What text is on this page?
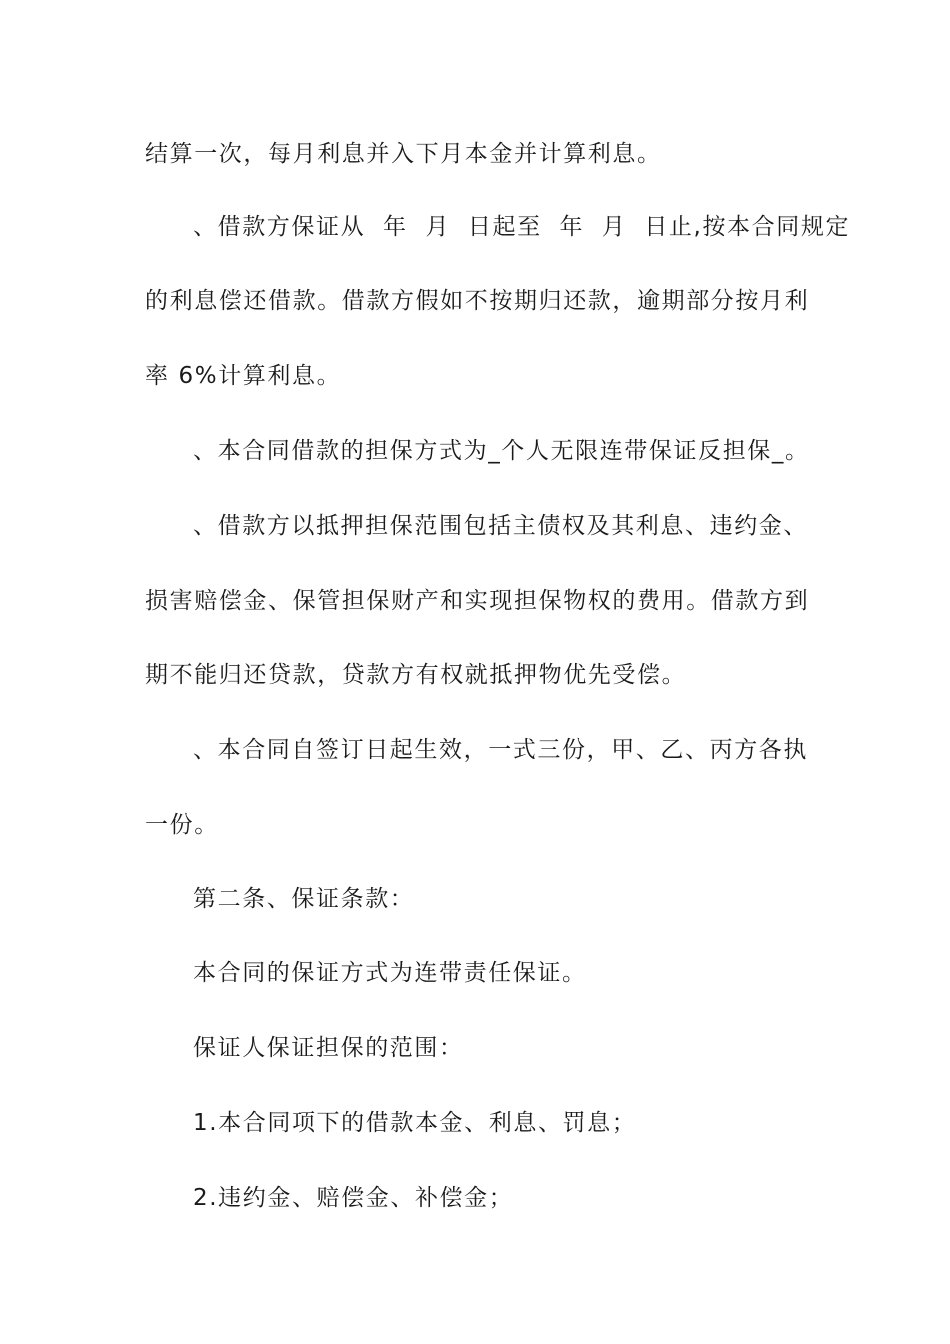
结算一次，每月利息并入下月本金并计算利息。
、借款方保证从  年  月  日起至  年  月  日止,按本合同规定
的利息偿还借款。借款方假如不按期归还款，逾期部分按月利
率 6%计算利息。
、本合同借款的担保方式为_个人无限连带保证反担保_。
、借款方以抵押担保范围包括主债权及其利息、违约金、
损害赔偿金、保管担保财产和实现担保物权的费用。借款方到
期不能归还贷款，贷款方有权就抵押物优先受偿。
、本合同自签订日起生效，一式三份，甲、乙、丙方各执
一份。
第二条、保证条款：
本合同的保证方式为连带责任保证。
保证人保证担保的范围：
1.本合同项下的借款本金、利息、罚息；
2.违约金、赔偿金、补偿金；
